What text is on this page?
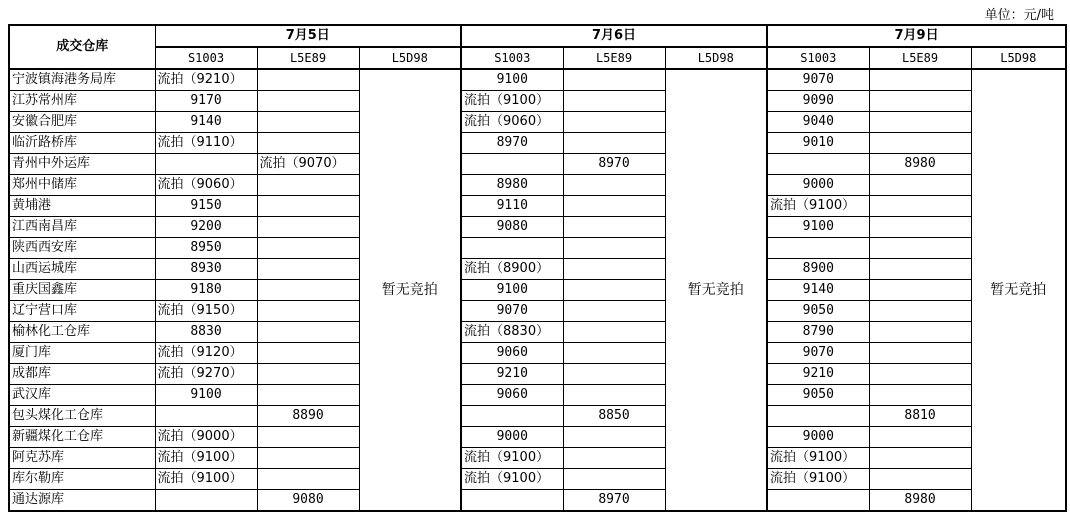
单位：元/吨
成交仓库	7月5日			7月6日			7月9日		
	S1003	L5E89	L5D98	S1003	L5E89	L5D98	S1003	L5E89	L5D98
宁波镇海港务局库	流拍（9210）		暂无竞拍	9100		暂无竞拍	9070		暂无竞拍
江苏常州库	9170			流拍（9100）			9090		
安徽合肥库	9140			流拍（9060）			9040		
临沂路桥库	流拍（9110）			8970			9010		
青州中外运库		流拍（9070）			8970			8980	
郑州中储库	流拍（9060）			8980			9000		
黄埔港	9150			9110			流拍（9100）		
江西南昌库	9200			9080			9100		
陕西西安库	8950								
山西运城库	8930			流拍（8900）			8900		
重庆国鑫库	9180			9100			9140		
辽宁营口库	流拍（9150）			9070			9050		
榆林化工仓库	8830			流拍（8830）			8790		
厦门库	流拍（9120）			9060			9070		
成都库	流拍（9270）			9210			9210		
武汉库	9100			9060			9050		
包头煤化工仓库		8890			8850			8810	
新疆煤化工仓库	流拍（9000）			9000			9000		
阿克苏库	流拍（9100）			流拍（9100）			流拍（9100）		
库尔勒库	流拍（9100）			流拍（9100）			流拍（9100）		
通达源库		9080			8970			8980	
